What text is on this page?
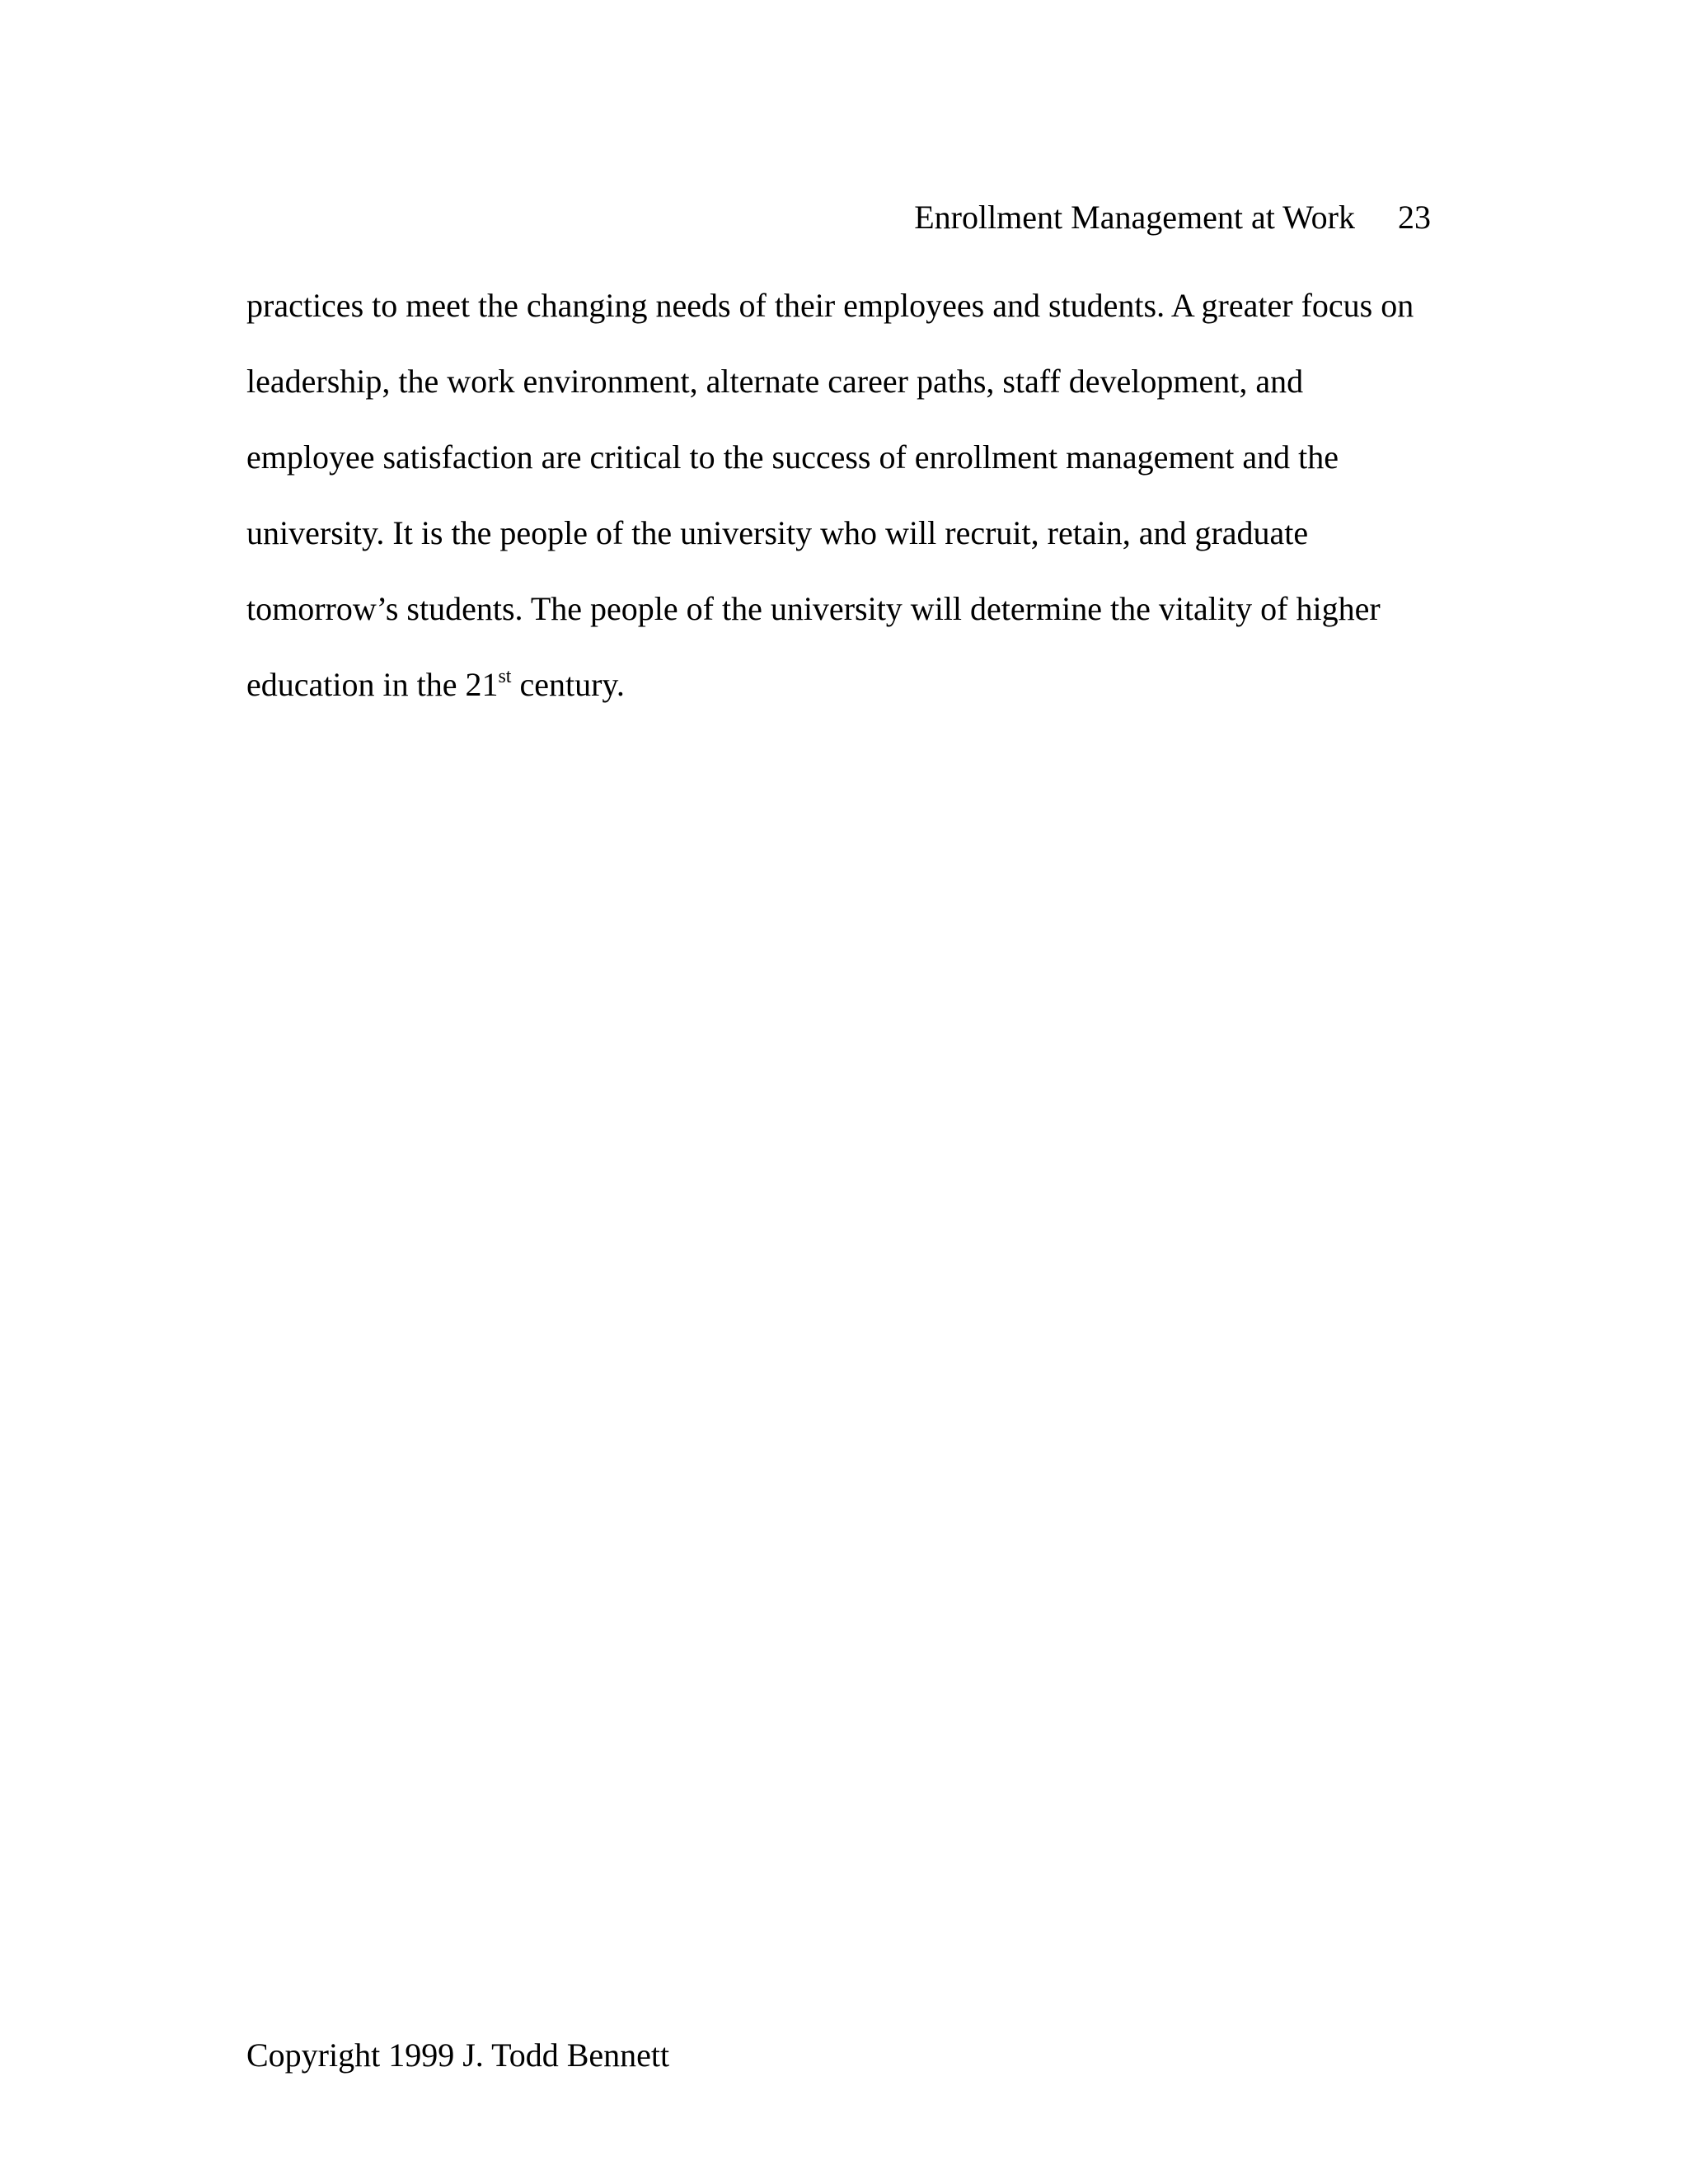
Enrollment Management at Work 23
practices to meet the changing needs of their employees and students. A greater focus on
leadership, the work environment, alternate career paths, staff development, and
employee satisfaction are critical to the success of enrollment management and the
university. It is the people of the university who will recruit, retain, and graduate
tomorrow’s students. The people of the university will determine the vitality of higher
education in the 21st century.
Copyright 1999 J. Todd Bennett
